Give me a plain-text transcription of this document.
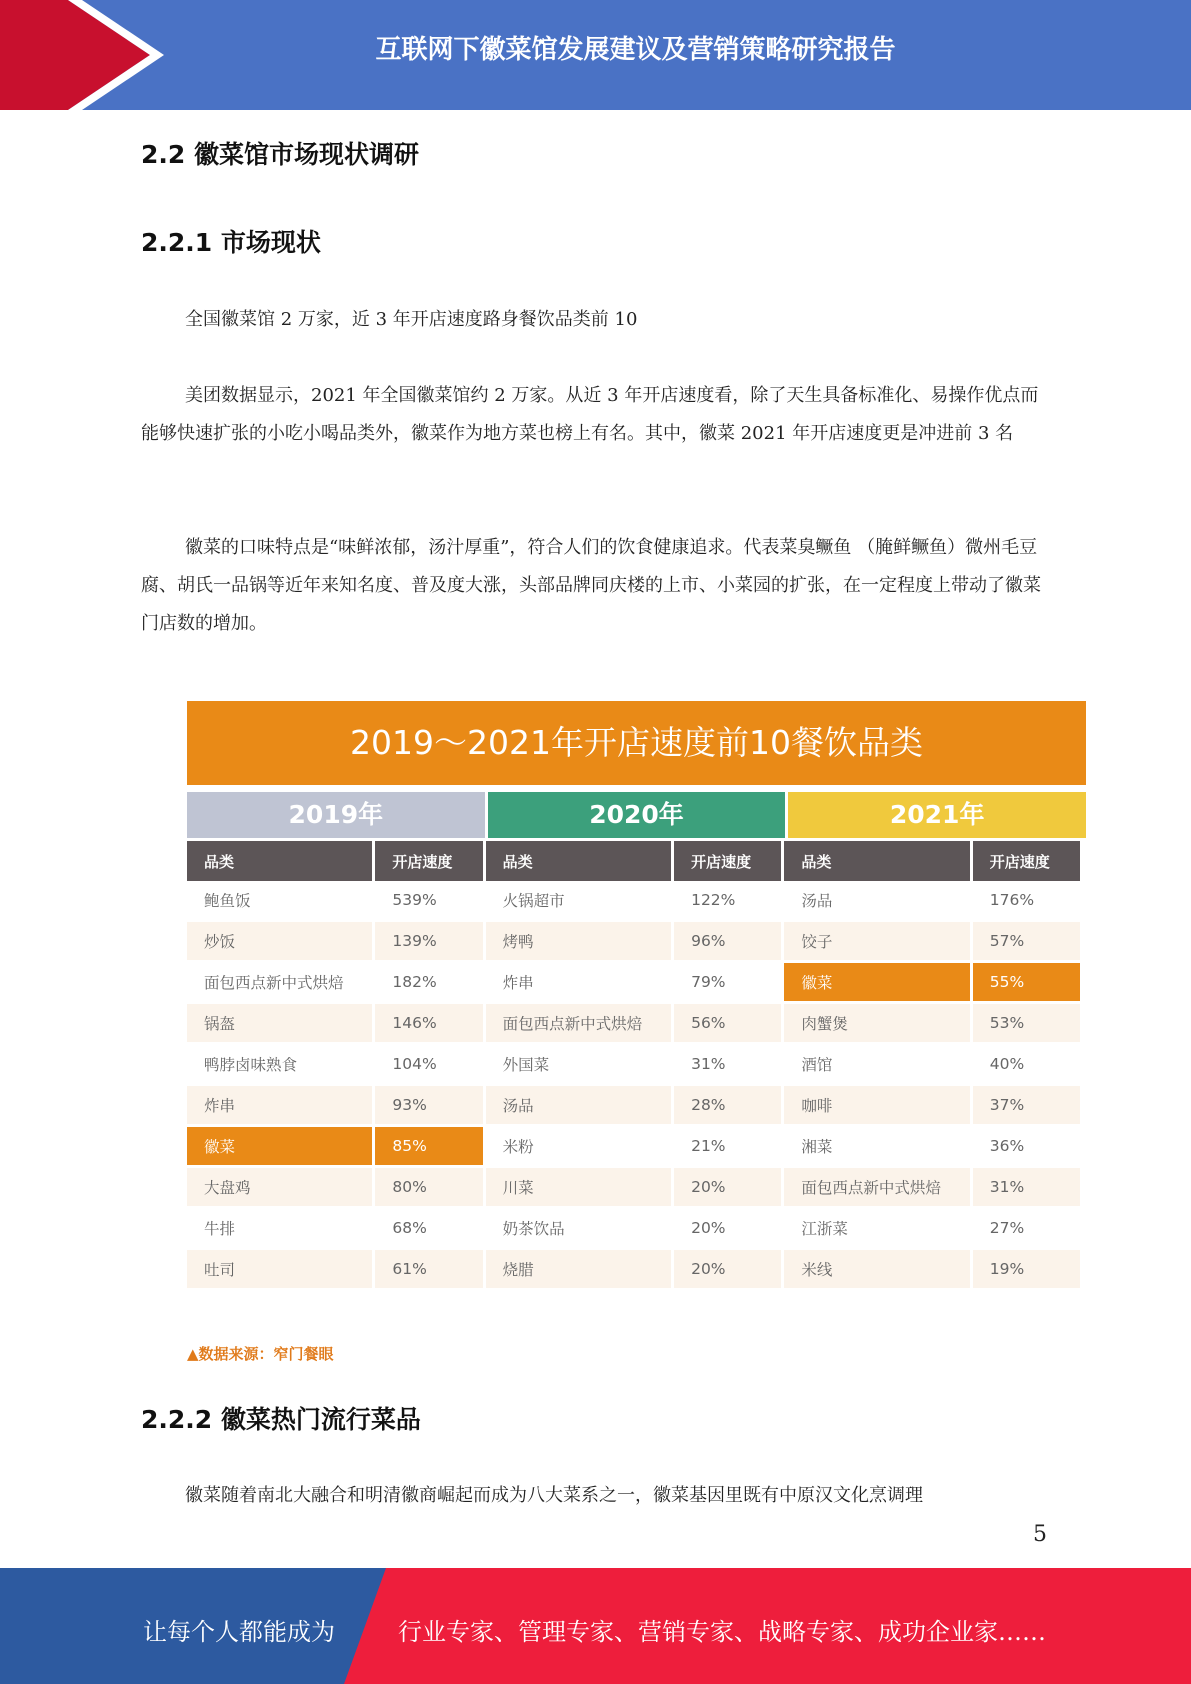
互联网下徽菜馆发展建议及营销策略研究报告
2.2 徽菜馆市场现状调研
2.2.1 市场现状
全国徽菜馆 2 万家，近 3 年开店速度路身餐饮品类前 10
美团数据显示，2021 年全国徽菜馆约 2 万家。从近 3 年开店速度看，除了天生具备标准化、易操作优点而能够快速扩张的小吃小喝品类外，徽菜作为地方菜也榜上有名。其中，徽菜 2021 年开店速度更是冲进前 3 名
徽菜的口味特点是“味鲜浓郁，汤汁厚重”，符合人们的饮食健康追求。代表菜臭鳜鱼 （腌鲜鳜鱼）微州毛豆腐、胡氏一品锅等近年来知名度、普及度大涨，头部品牌同庆楼的上市、小菜园的扩张，在一定程度上带动了徽菜门店数的增加。
2019～2021年开店速度前10餐饮品类
2019年	2020年	2021年
品类	开店速度	品类	开店速度	品类	开店速度
鲍鱼饭	539%	火锅超市	122%	汤品	176%
炒饭	139%	烤鸭	96%	饺子	57%
面包西点新中式烘焙	182%	炸串	79%	徽菜	55%
锅盔	146%	面包西点新中式烘焙	56%	肉蟹煲	53%
鸭脖卤味熟食	104%	外国菜	31%	酒馆	40%
炸串	93%	汤品	28%	咖啡	37%
徽菜	85%	米粉	21%	湘菜	36%
大盘鸡	80%	川菜	20%	面包西点新中式烘焙	31%
牛排	68%	奶茶饮品	20%	江浙菜	27%
吐司	61%	烧腊	20%	米线	19%
▲数据来源：窄门餐眼
2.2.2 徽菜热门流行菜品
徽菜随着南北大融合和明清徽商崛起而成为八大菜系之一，徽菜基因里既有中原汉文化烹调理
5
让每个人都能成为	行业专家、管理专家、营销专家、战略专家、成功企业家……
